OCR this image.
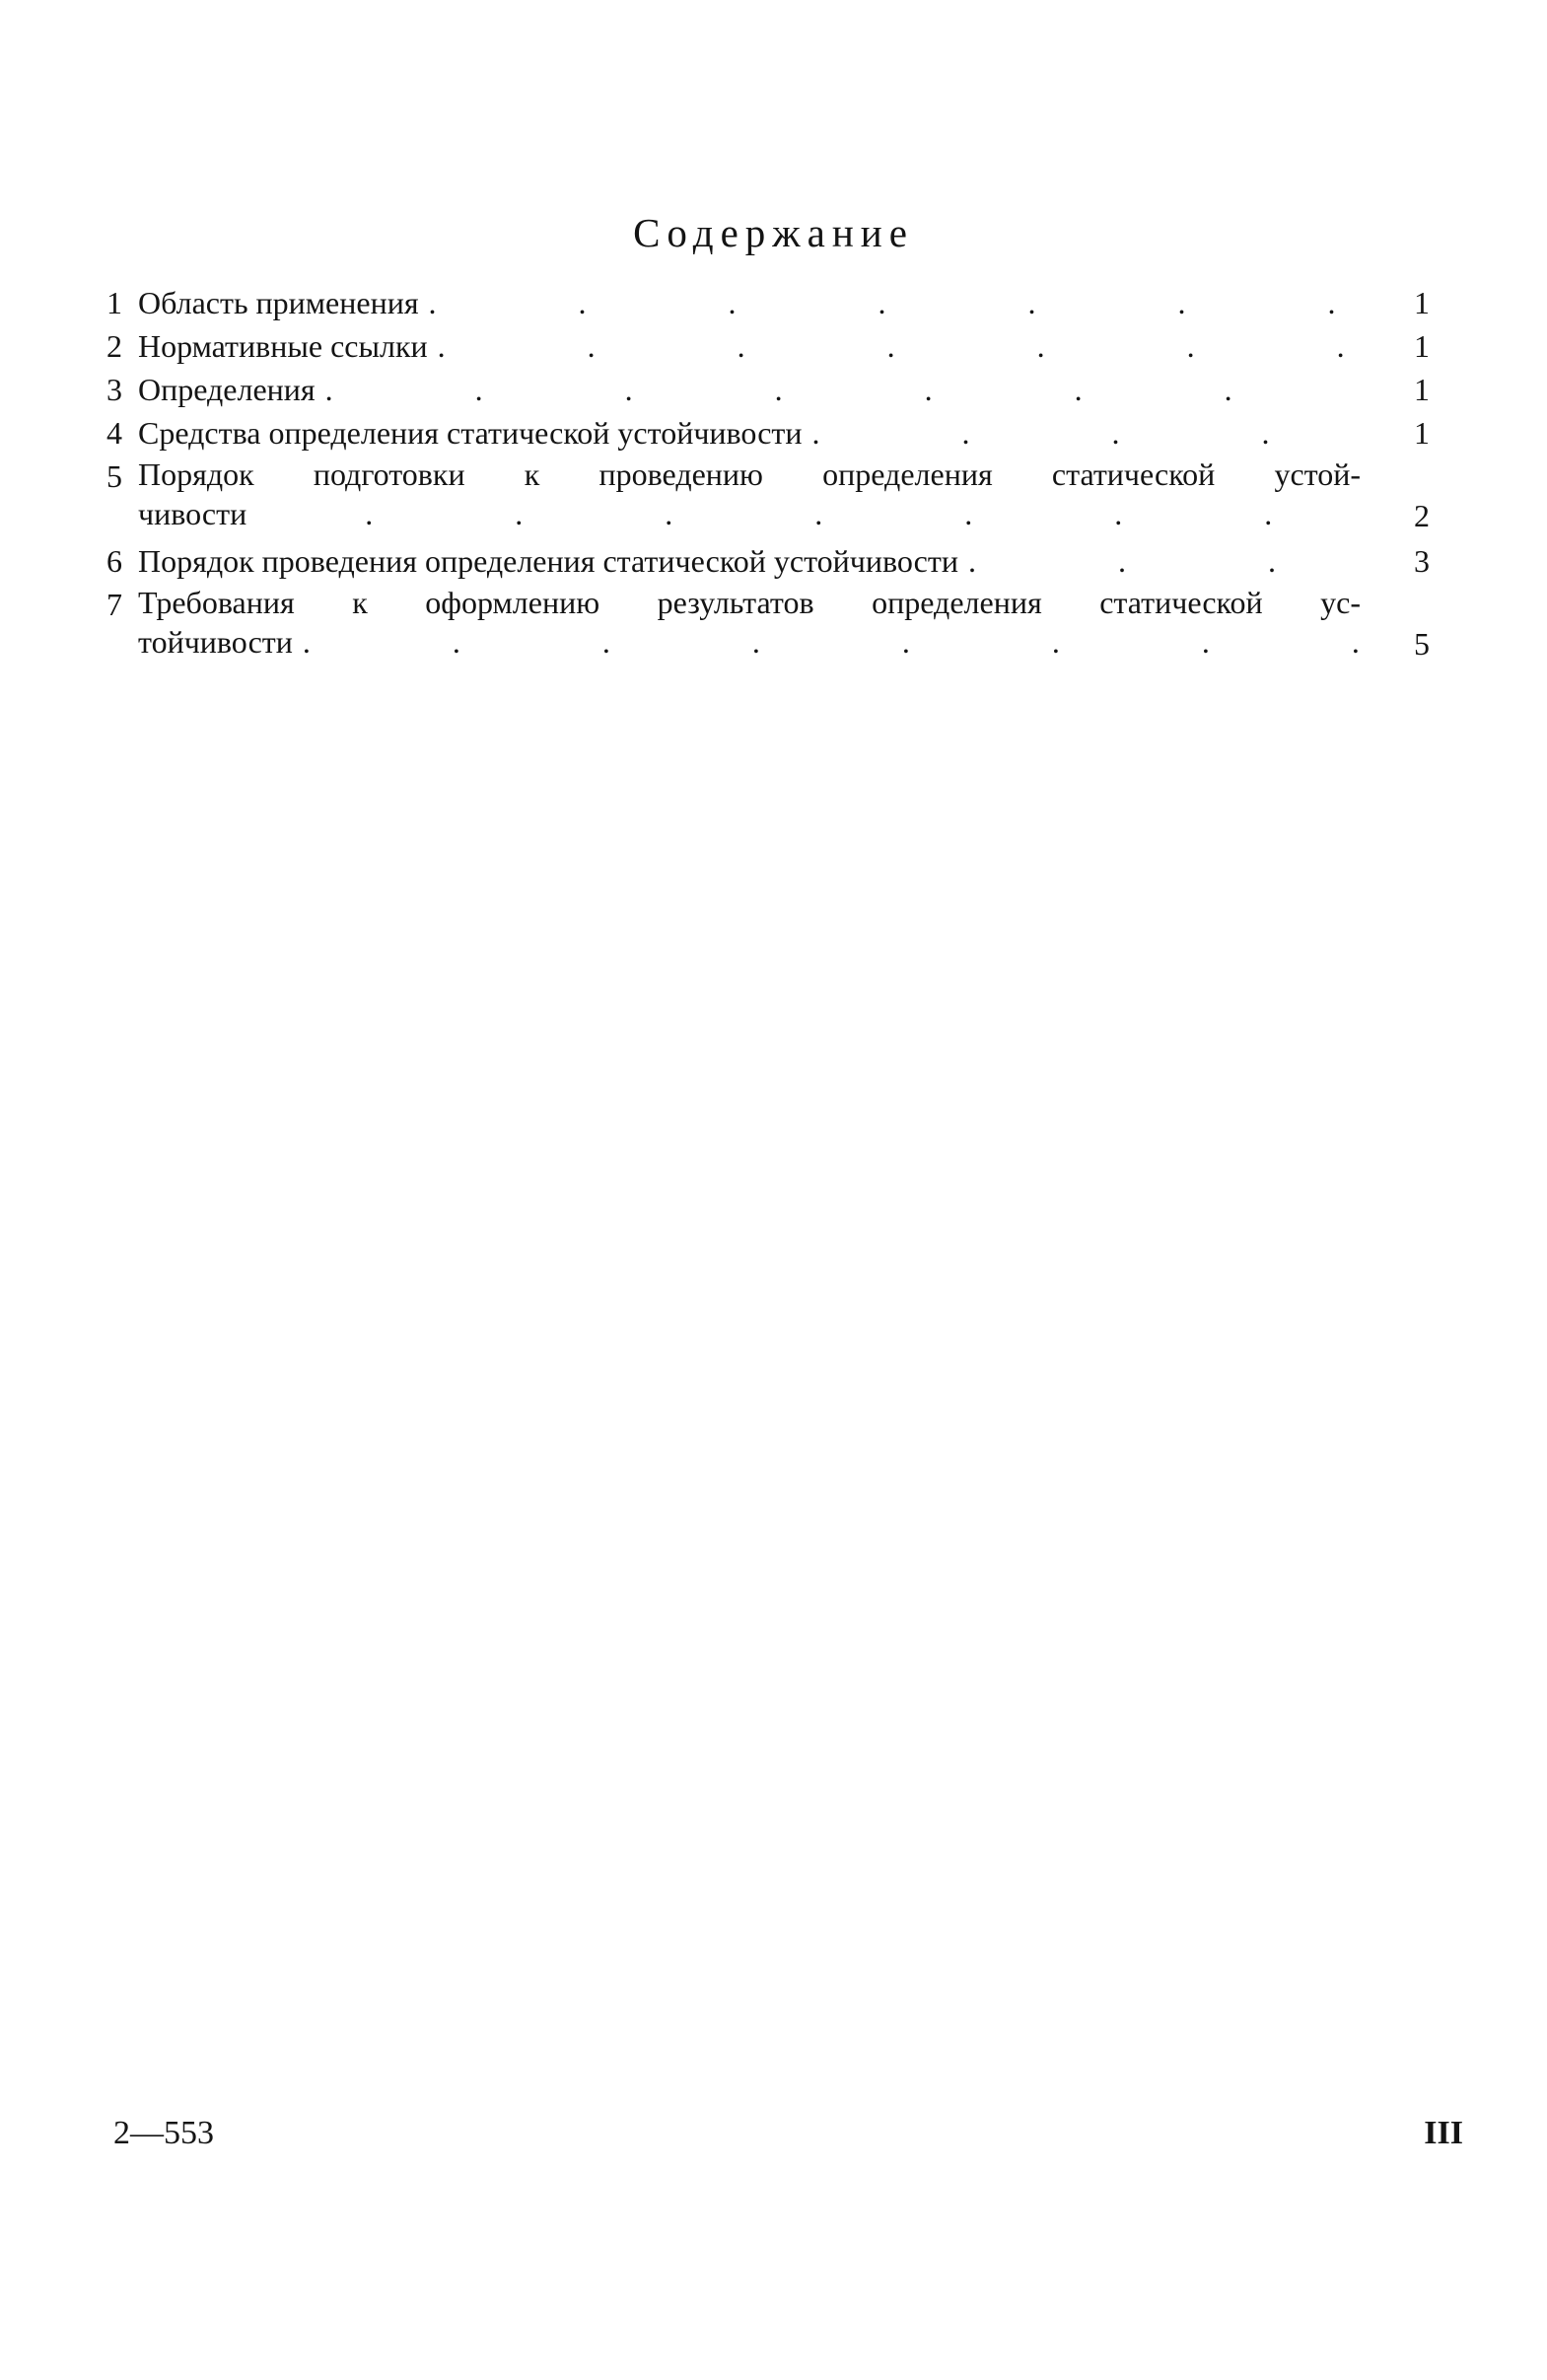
Содержание
1 Область применения .	1
2 Нормативные ссылки .	1
3 Определения .	1
4 Средства определения статической устойчивости .	1
5 Порядок подготовки к проведению определения статической устой-
чивости .	2
6 Порядок проведения определения статической устойчивости .	3
7 Требования к оформлению результатов определения статической ус-
тойчивости .	5
2—553	III
